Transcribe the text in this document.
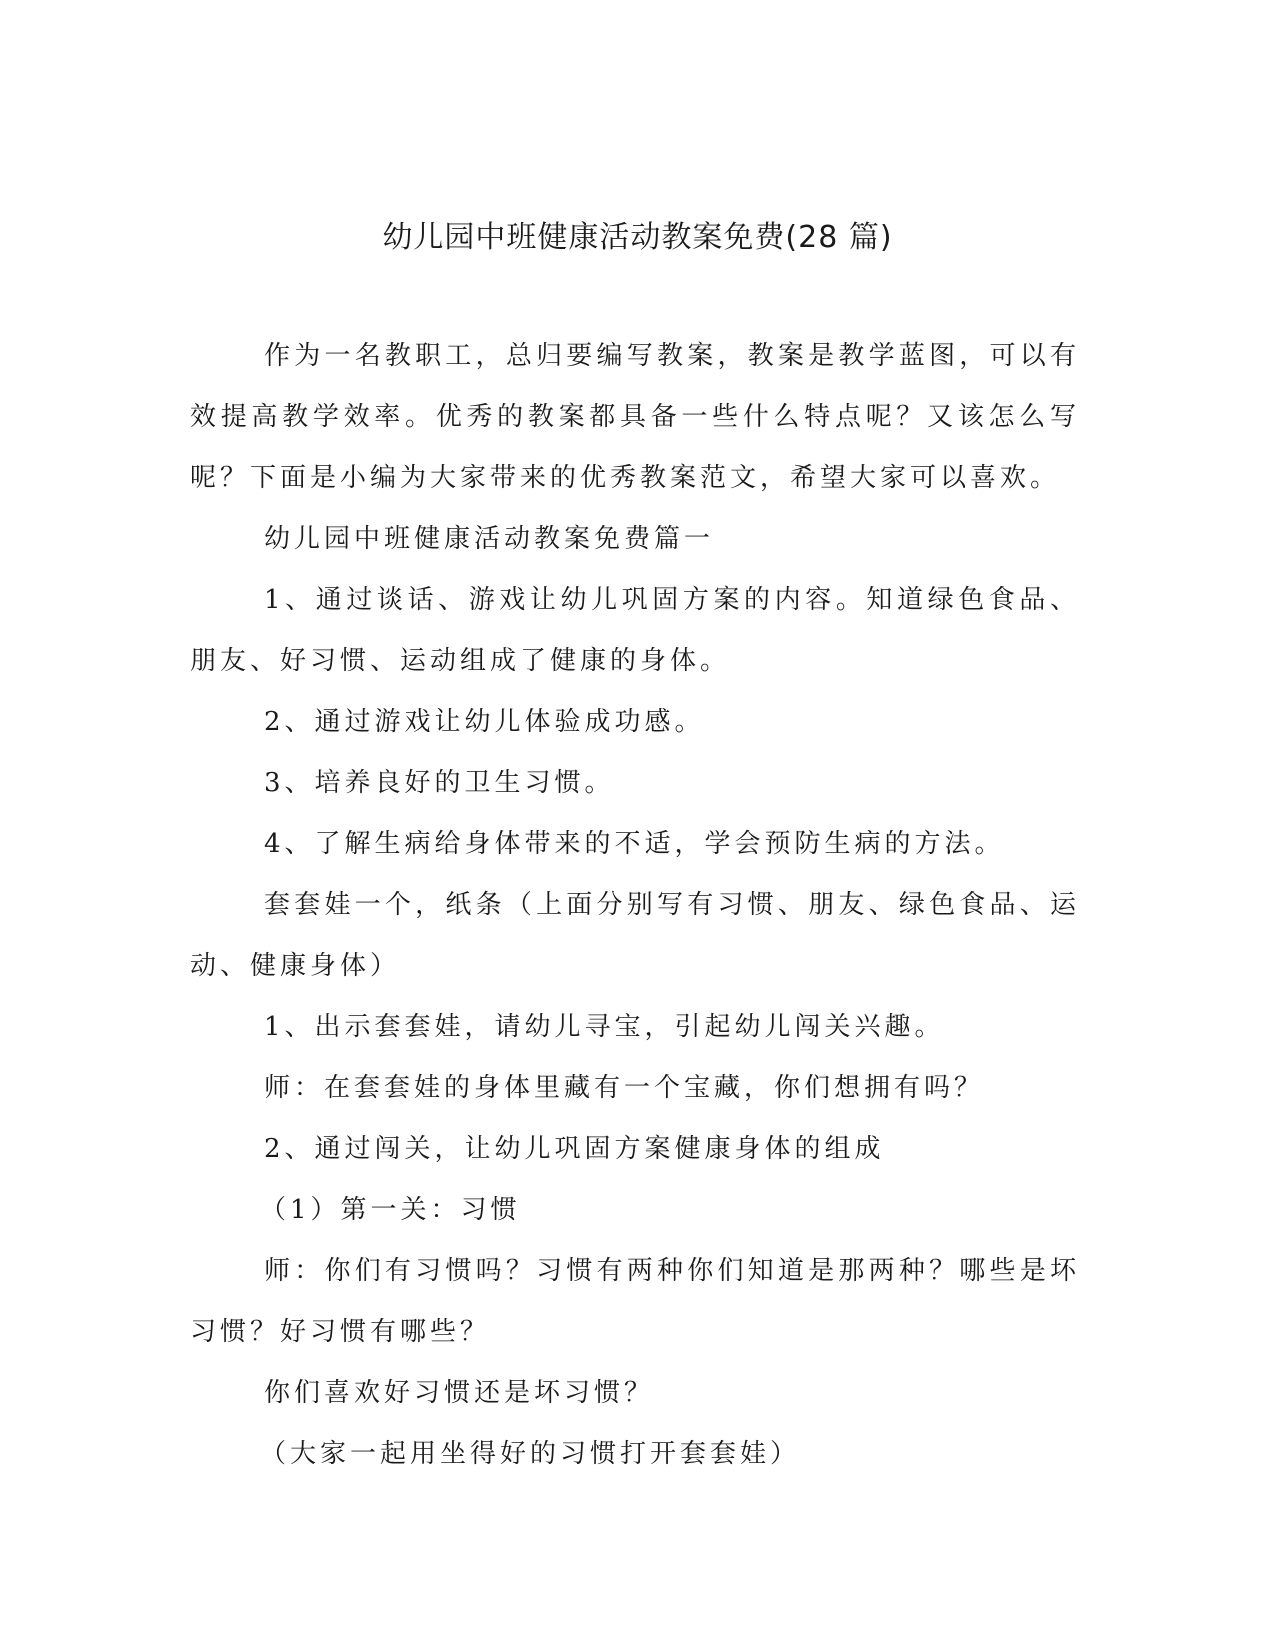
幼儿园中班健康活动教案免费(28 篇)

作为一名教职工，总归要编写教案，教案是教学蓝图，可以有效提高教学效率。优秀的教案都具备一些什么特点呢？又该怎么写呢？下面是小编为大家带来的优秀教案范文，希望大家可以喜欢。

幼儿园中班健康活动教案免费篇一

1、通过谈话、游戏让幼儿巩固方案的内容。知道绿色食品、朋友、好习惯、运动组成了健康的身体。

2、通过游戏让幼儿体验成功感。

3、培养良好的卫生习惯。

4、了解生病给身体带来的不适，学会预防生病的方法。

套套娃一个，纸条（上面分别写有习惯、朋友、绿色食品、运动、健康身体）

1、出示套套娃，请幼儿寻宝，引起幼儿闯关兴趣。

师：在套套娃的身体里藏有一个宝藏，你们想拥有吗？

2、通过闯关，让幼儿巩固方案健康身体的组成

（1）第一关：习惯

师：你们有习惯吗？习惯有两种你们知道是那两种？哪些是坏习惯？好习惯有哪些？

你们喜欢好习惯还是坏习惯？

（大家一起用坐得好的习惯打开套套娃）
